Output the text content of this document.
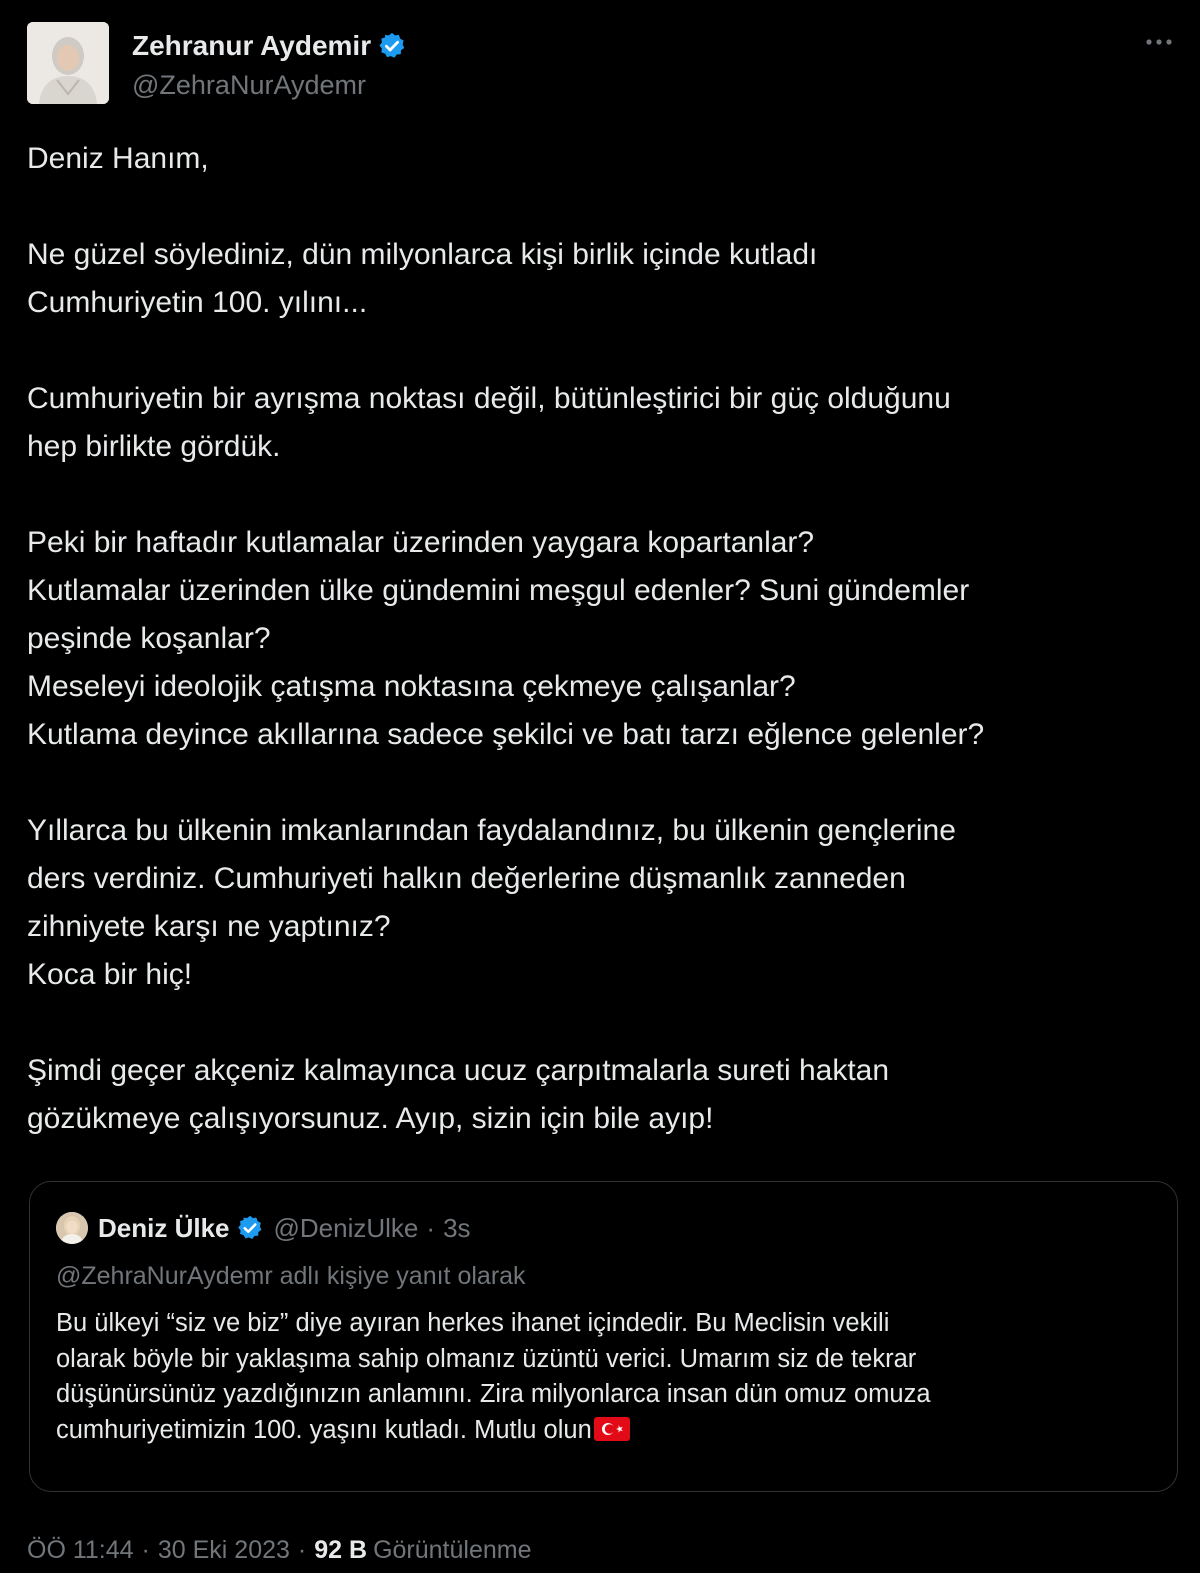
Zehranur Aydemir
@ZehraNurAydemr
Deniz Hanım,
Ne güzel söylediniz, dün milyonlarca kişi birlik içinde kutladı
Cumhuriyetin 100. yılını...
Cumhuriyetin bir ayrışma noktası değil, bütünleştirici bir güç olduğunu
hep birlikte gördük.
Peki bir haftadır kutlamalar üzerinden yaygara kopartanlar?
Kutlamalar üzerinden ülke gündemini meşgul edenler? Suni gündemler
peşinde koşanlar?
Meseleyi ideolojik çatışma noktasına çekmeye çalışanlar?
Kutlama deyince akıllarına sadece şekilci ve batı tarzı eğlence gelenler?
Yıllarca bu ülkenin imkanlarından faydalandınız, bu ülkenin gençlerine
ders verdiniz. Cumhuriyeti halkın değerlerine düşmanlık zanneden
zihniyete karşı ne yaptınız?
Koca bir hiç!
Şimdi geçer akçeniz kalmayınca ucuz çarpıtmalarla sureti haktan
gözükmeye çalışıyorsunuz. Ayıp, sizin için bile ayıp!
Deniz Ülke @DenizUlke · 3s
@ZehraNurAydemr adlı kişiye yanıt olarak
Bu ülkeyi “siz ve biz” diye ayıran herkes ihanet içindedir. Bu Meclisin vekili
olarak böyle bir yaklaşıma sahip olmanız üzüntü verici. Umarım siz de tekrar
düşünürsünüz yazdığınızın anlamını. Zira milyonlarca insan dün omuz omuza
cumhuriyetimizin 100. yaşını kutladı. Mutlu olun
ÖÖ 11:44 · 30 Eki 2023 · 92 B Görüntülenme
